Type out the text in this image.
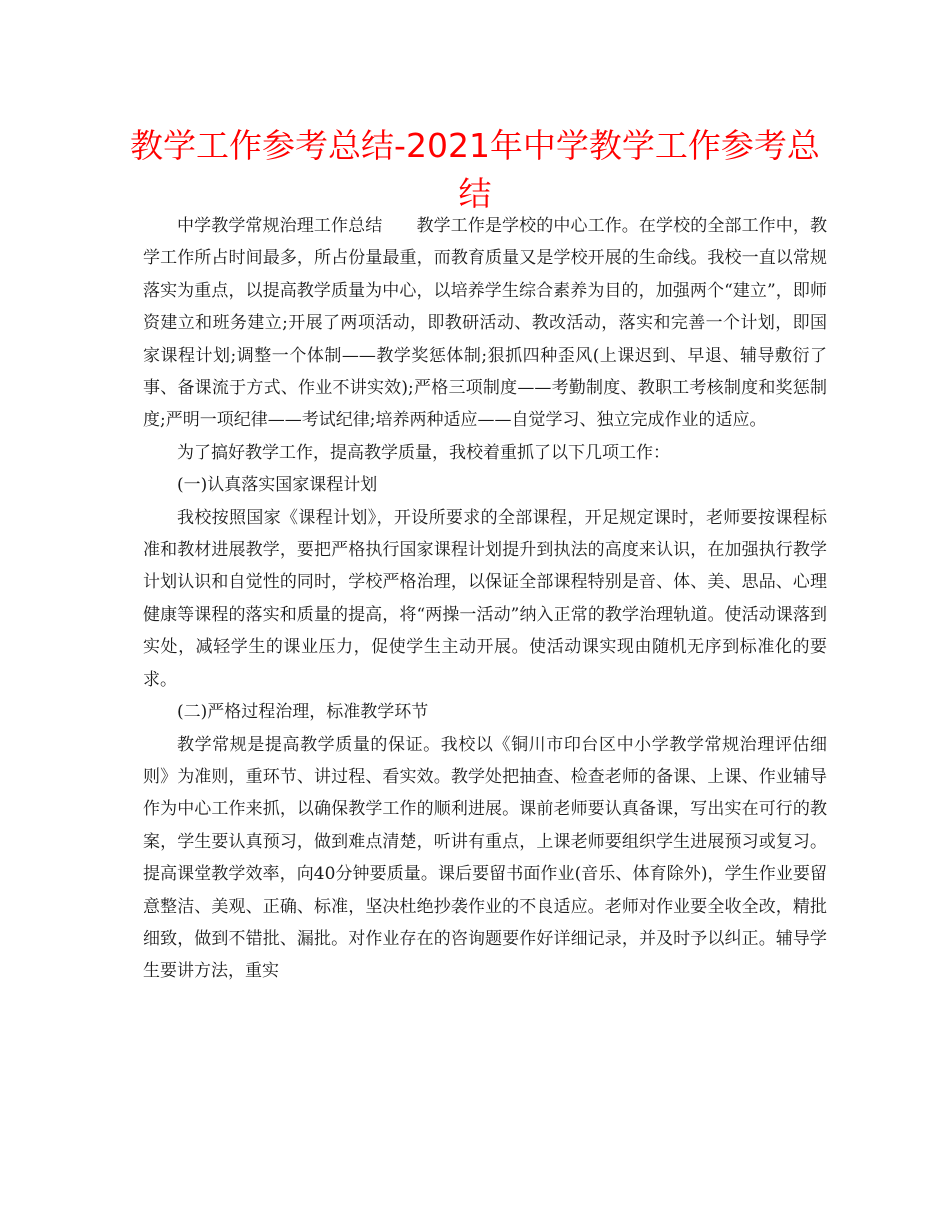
教学工作参考总结-2021年中学教学工作参考总结

中学教学常规治理工作总结　　教学工作是学校的中心工作。在学校的全部工作中，教学工作所占时间最多，所占份量最重，而教育质量又是学校开展的生命线。我校一直以常规落实为重点，以提高教学质量为中心，以培养学生综合素养为目的，加强两个“建立”，即师资建立和班务建立;开展了两项活动，即教研活动、教改活动，落实和完善一个计划，即国家课程计划;调整一个体制——教学奖惩体制;狠抓四种歪风(上课迟到、早退、辅导敷衍了事、备课流于方式、作业不讲实效);严格三项制度——考勤制度、教职工考核制度和奖惩制度;严明一项纪律——考试纪律;培养两种适应——自觉学习、独立完成作业的适应。

为了搞好教学工作，提高教学质量，我校着重抓了以下几项工作：

(一)认真落实国家课程计划

我校按照国家《课程计划》，开设所要求的全部课程，开足规定课时，老师要按课程标准和教材进展教学，要把严格执行国家课程计划提升到执法的高度来认识，在加强执行教学计划认识和自觉性的同时，学校严格治理，以保证全部课程特别是音、体、美、思品、心理健康等课程的落实和质量的提高，将“两操一活动”纳入正常的教学治理轨道。使活动课落到实处，减轻学生的课业压力，促使学生主动开展。使活动课实现由随机无序到标准化的要求。

(二)严格过程治理，标准教学环节

教学常规是提高教学质量的保证。我校以《铜川市印台区中小学教学常规治理评估细则》为准则，重环节、讲过程、看实效。教学处把抽查、检查老师的备课、上课、作业辅导作为中心工作来抓，以确保教学工作的顺利进展。课前老师要认真备课，写出实在可行的教案，学生要认真预习，做到难点清楚，听讲有重点，上课老师要组织学生进展预习或复习。提高课堂教学效率，向40分钟要质量。课后要留书面作业(音乐、体育除外)，学生作业要留意整洁、美观、正确、标准，坚决杜绝抄袭作业的不良适应。老师对作业要全收全改，精批细致，做到不错批、漏批。对作业存在的咨询题要作好详细记录，并及时予以纠正。辅导学生要讲方法，重实
